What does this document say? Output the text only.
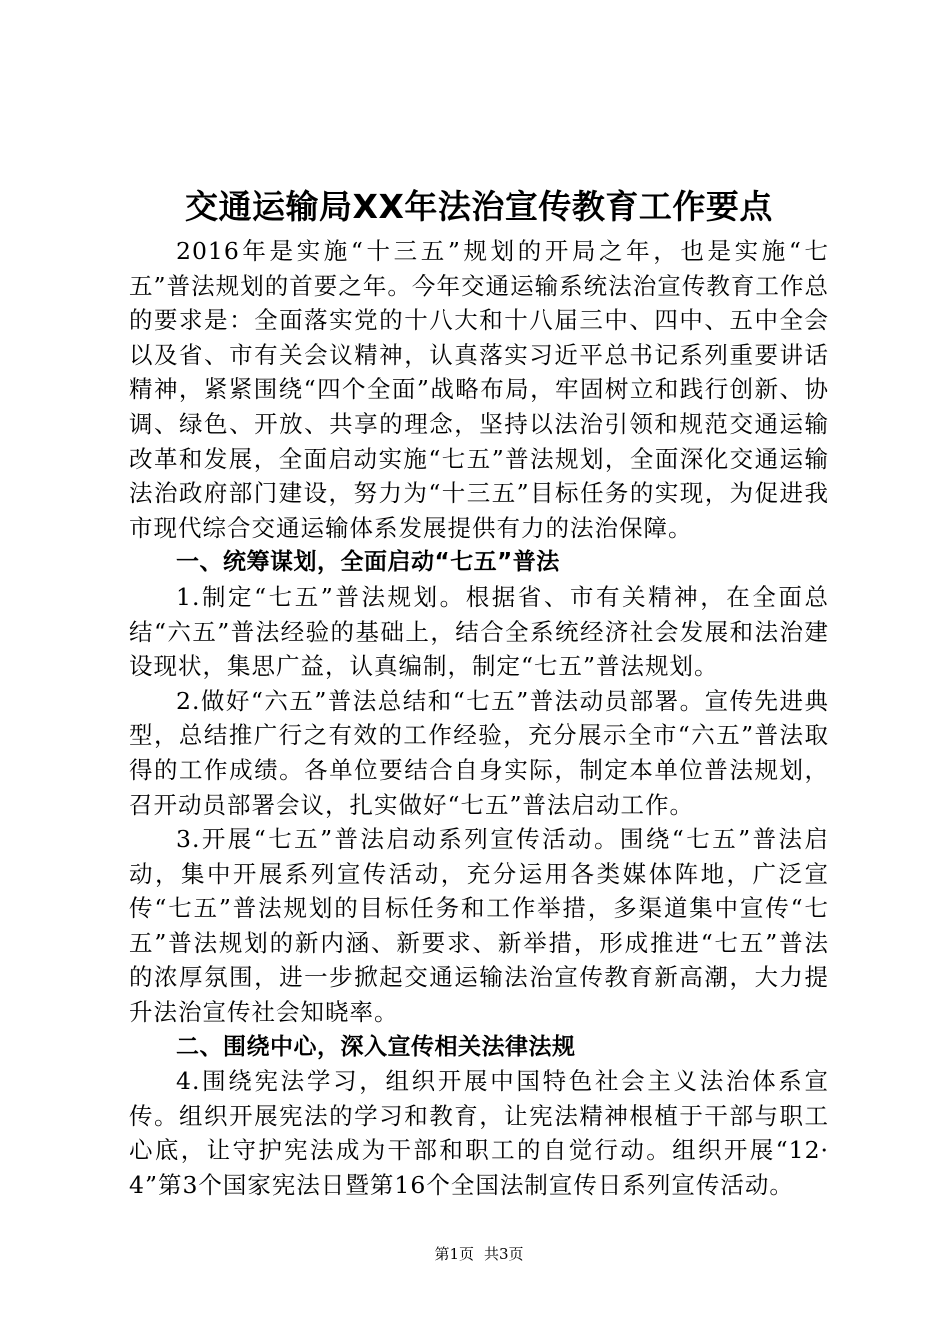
交通运输局XX年法治宣传教育工作要点

2016年是实施“十三五”规划的开局之年，也是实施“七五”普法规划的首要之年。今年交通运输系统法治宣传教育工作总的要求是：全面落实党的十八大和十八届三中、四中、五中全会以及省、市有关会议精神，认真落实习近平总书记系列重要讲话精神，紧紧围绕“四个全面”战略布局，牢固树立和践行创新、协调、绿色、开放、共享的理念，坚持以法治引领和规范交通运输改革和发展，全面启动实施“七五”普法规划，全面深化交通运输法治政府部门建设，努力为“十三五”目标任务的实现，为促进我市现代综合交通运输体系发展提供有力的法治保障。

一、统筹谋划，全面启动“七五”普法

1.制定“七五”普法规划。根据省、市有关精神，在全面总结“六五”普法经验的基础上，结合全系统经济社会发展和法治建设现状，集思广益，认真编制，制定“七五”普法规划。

2.做好“六五”普法总结和“七五”普法动员部署。宣传先进典型，总结推广行之有效的工作经验，充分展示全市“六五”普法取得的工作成绩。各单位要结合自身实际，制定本单位普法规划，召开动员部署会议，扎实做好“七五”普法启动工作。

3.开展“七五”普法启动系列宣传活动。围绕“七五”普法启动，集中开展系列宣传活动，充分运用各类媒体阵地，广泛宣传“七五”普法规划的目标任务和工作举措，多渠道集中宣传“七五”普法规划的新内涵、新要求、新举措，形成推进“七五”普法的浓厚氛围，进一步掀起交通运输法治宣传教育新高潮，大力提升法治宣传社会知晓率。

二、围绕中心，深入宣传相关法律法规

4.围绕宪法学习，组织开展中国特色社会主义法治体系宣传。组织开展宪法的学习和教育，让宪法精神根植于干部与职工心底，让守护宪法成为干部和职工的自觉行动。组织开展“12·4”第3个国家宪法日暨第16个全国法制宣传日系列宣传活动。

第1页 共3页
